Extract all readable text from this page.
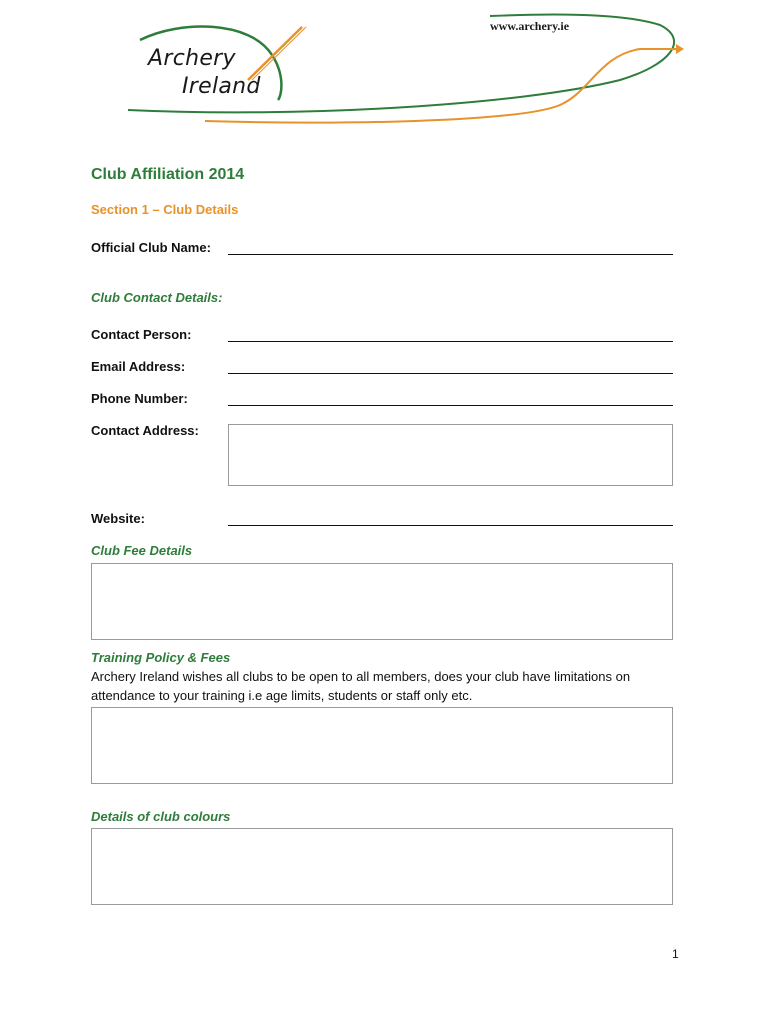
Archery
Ireland
www.archery.ie
Club Affiliation 2014
Section 1 – Club Details
Official Club Name:
Club Contact Details:
Contact Person:
Email Address:
Phone Number:
Contact Address:
Website:
Club Fee Details
Training Policy & Fees
Archery Ireland wishes all clubs to be open to all members, does your club have limitations on
attendance to your training i.e age limits, students or staff only etc.
Details of club colours
1
